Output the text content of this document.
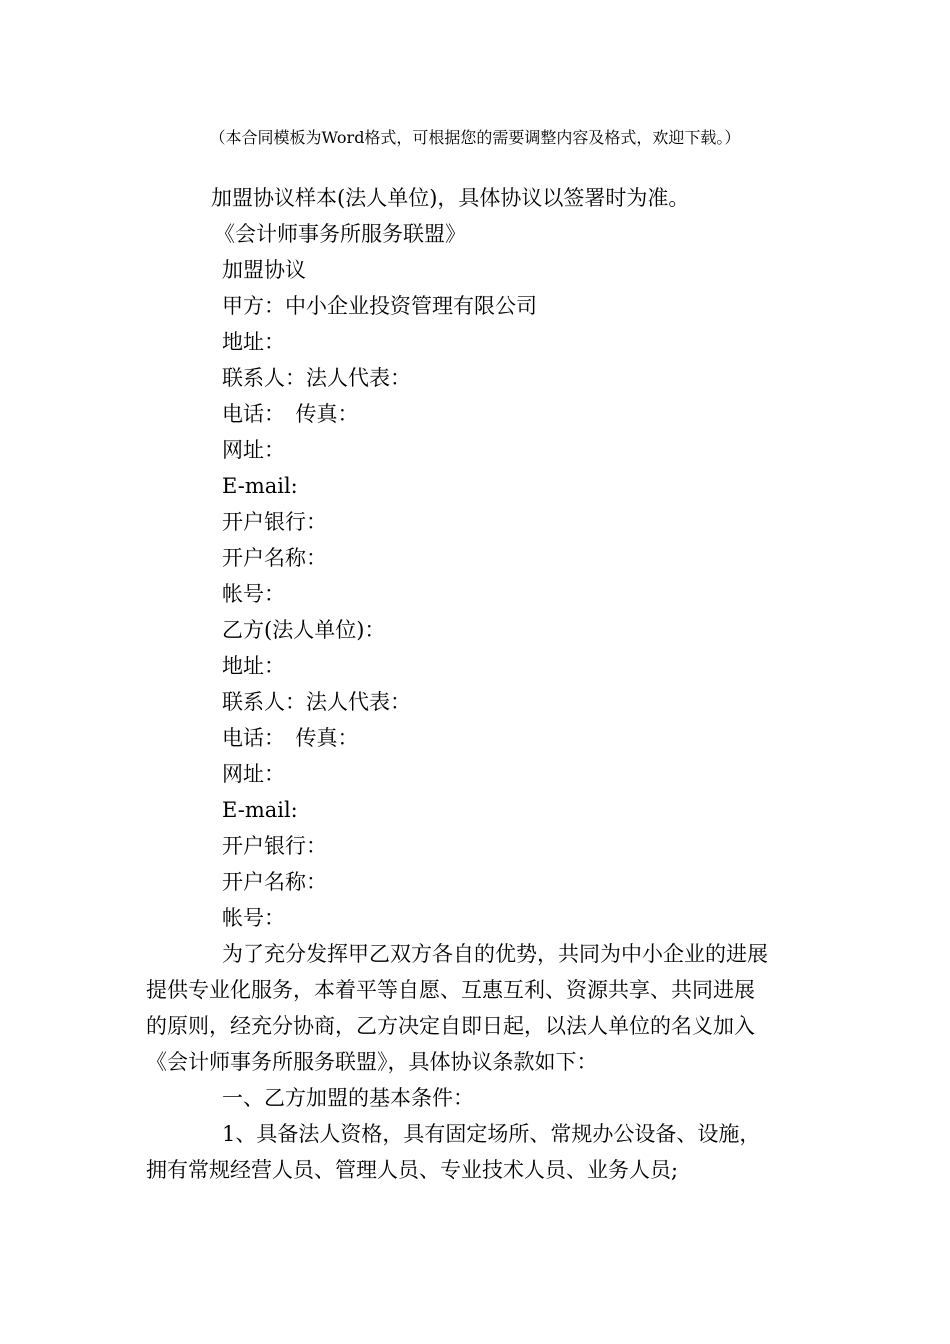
（本合同模板为Word格式，可根据您的需要调整内容及格式，欢迎下载。）
加盟协议样本(法人单位)，具体协议以签署时为准。
《会计师事务所服务联盟》
加盟协议
甲方：中小企业投资管理有限公司
地址：
联系人：法人代表：
电话：　传真：
网址：
E-mail:
开户银行：
开户名称：
帐号：
乙方(法人单位)：
地址：
联系人：法人代表：
电话：　传真：
网址：
E-mail:
开户银行：
开户名称：
帐号：
为了充分发挥甲乙双方各自的优势，共同为中小企业的进展
提供专业化服务，本着平等自愿、互惠互利、资源共享、共同进展
的原则，经充分协商，乙方决定自即日起，以法人单位的名义加入
《会计师事务所服务联盟》，具体协议条款如下：
一、乙方加盟的基本条件：
1、具备法人资格，具有固定场所、常规办公设备、设施，
拥有常规经营人员、管理人员、专业技术人员、业务人员;
